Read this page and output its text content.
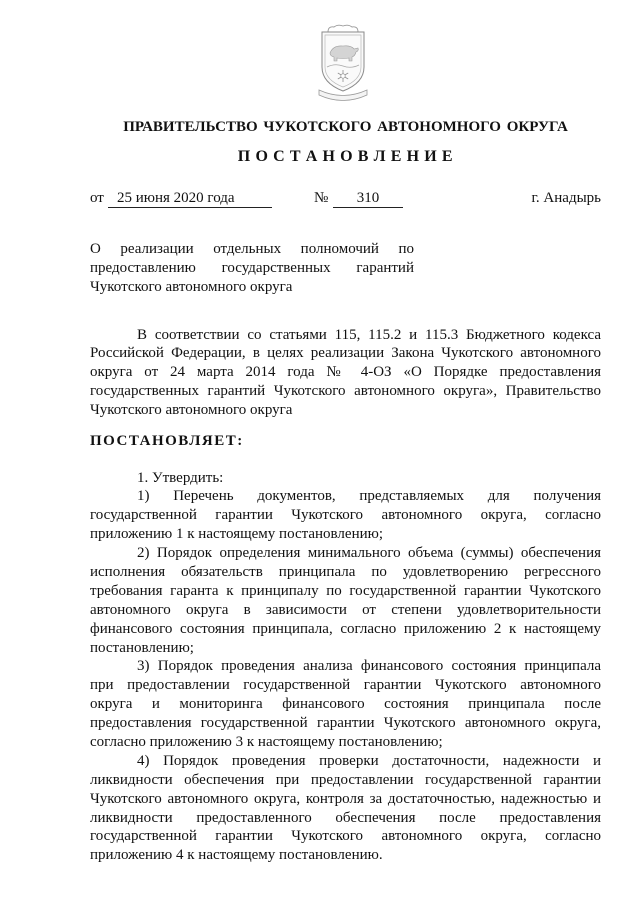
ПРАВИТЕЛЬСТВО ЧУКОТСКОГО АВТОНОМНОГО ОКРУГА
П О С Т А Н О В Л Е Н И Е
от 25 июня 2020 года	№	310	г. Анадырь
О реализации отдельных полномочий по
предоставлению государственных гарантий
Чукотского автономного округа
В соответствии со статьями 115, 115.2 и 115.3 Бюджетного кодекса
Российской Федерации, в целях реализации Закона Чукотского автономного
округа от 24 марта 2014 года № 4-ОЗ «О Порядке предоставления
государственных гарантий Чукотского автономного округа», Правительство
Чукотского автономного округа
ПОСТАНОВЛЯЕТ:
1. Утвердить:
1) Перечень документов, представляемых для получения
государственной гарантии Чукотского автономного округа, согласно
приложению 1 к настоящему постановлению;
2) Порядок определения минимального объема (суммы) обеспечения
исполнения обязательств принципала по удовлетворению регрессного
требования гаранта к принципалу по государственной гарантии Чукотского
автономного округа в зависимости от степени удовлетворительности
финансового состояния принципала, согласно приложению 2 к настоящему
постановлению;
3) Порядок проведения анализа финансового состояния принципала
при предоставлении государственной гарантии Чукотского автономного
округа и мониторинга финансового состояния принципала после
предоставления государственной гарантии Чукотского автономного округа,
согласно приложению 3 к настоящему постановлению;
4) Порядок проведения проверки достаточности, надежности и
ликвидности обеспечения при предоставлении государственной гарантии
Чукотского автономного округа, контроля за достаточностью, надежностью и
ликвидности предоставленного обеспечения после предоставления
государственной гарантии Чукотского автономного округа, согласно
приложению 4 к настоящему постановлению.
